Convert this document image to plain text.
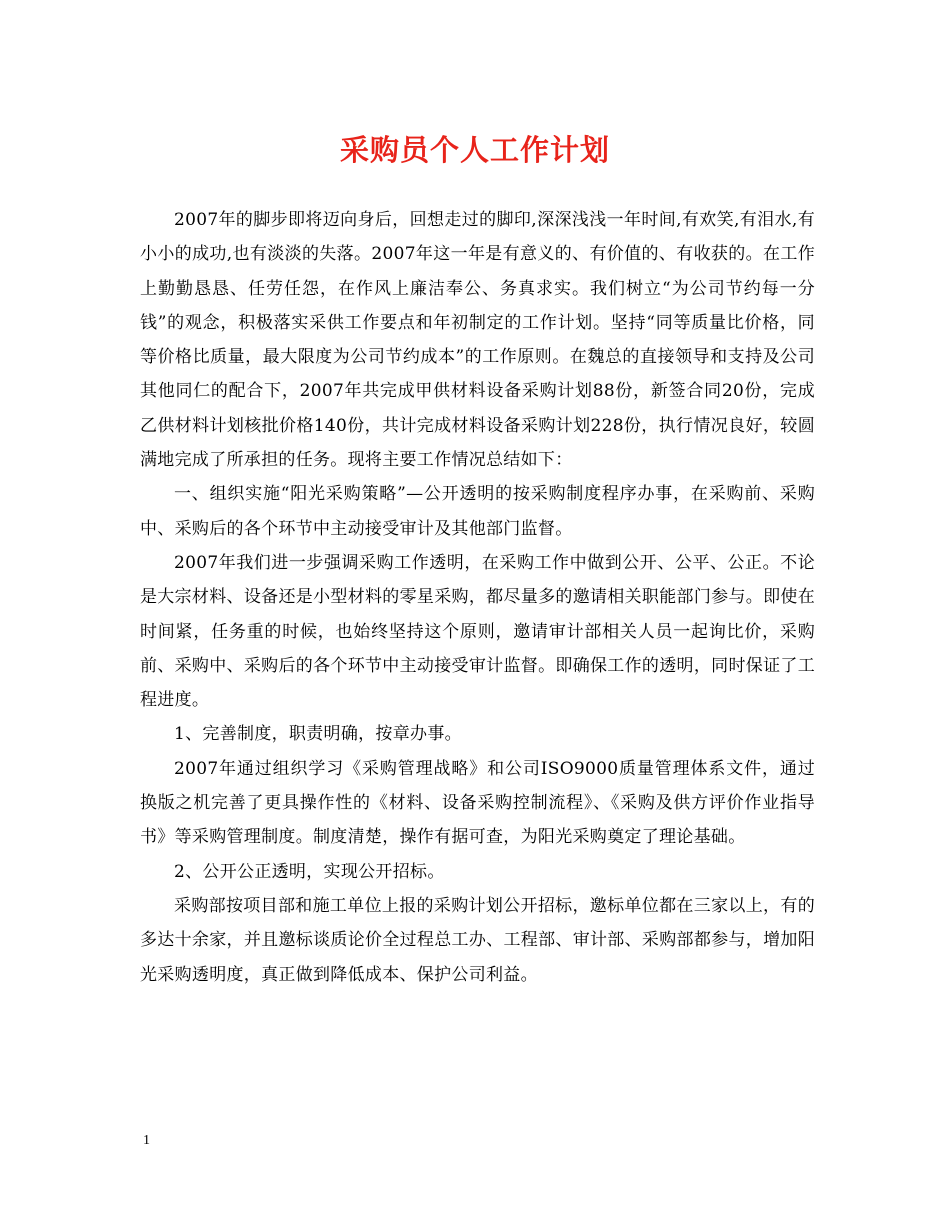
采购员个人工作计划

2007年的脚步即将迈向身后，回想走过的脚印,深深浅浅一年时间,有欢笑,有泪水,有小小的成功,也有淡淡的失落。2007年这一年是有意义的、有价值的、有收获的。在工作上勤勤恳恳、任劳任怨，在作风上廉洁奉公、务真求实。我们树立“为公司节约每一分钱”的观念，积极落实采供工作要点和年初制定的工作计划。坚持“同等质量比价格，同等价格比质量，最大限度为公司节约成本”的工作原则。在魏总的直接领导和支持及公司其他同仁的配合下，2007年共完成甲供材料设备采购计划88份，新签合同20份，完成乙供材料计划核批价格140份，共计完成材料设备采购计划228份，执行情况良好，较圆满地完成了所承担的任务。现将主要工作情况总结如下：

一、组织实施“阳光采购策略”—公开透明的按采购制度程序办事，在采购前、采购中、采购后的各个环节中主动接受审计及其他部门监督。

2007年我们进一步强调采购工作透明，在采购工作中做到公开、公平、公正。不论是大宗材料、设备还是小型材料的零星采购，都尽量多的邀请相关职能部门参与。即使在时间紧，任务重的时候，也始终坚持这个原则，邀请审计部相关人员一起询比价，采购前、采购中、采购后的各个环节中主动接受审计监督。即确保工作的透明，同时保证了工程进度。

1、完善制度，职责明确，按章办事。

2007年通过组织学习《采购管理战略》和公司ISO9000质量管理体系文件，通过换版之机完善了更具操作性的《材料、设备采购控制流程》、《采购及供方评价作业指导书》等采购管理制度。制度清楚，操作有据可查，为阳光采购奠定了理论基础。

2、公开公正透明，实现公开招标。

采购部按项目部和施工单位上报的采购计划公开招标，邀标单位都在三家以上，有的多达十余家，并且邀标谈质论价全过程总工办、工程部、审计部、采购部都参与，增加阳光采购透明度，真正做到降低成本、保护公司利益。

1
